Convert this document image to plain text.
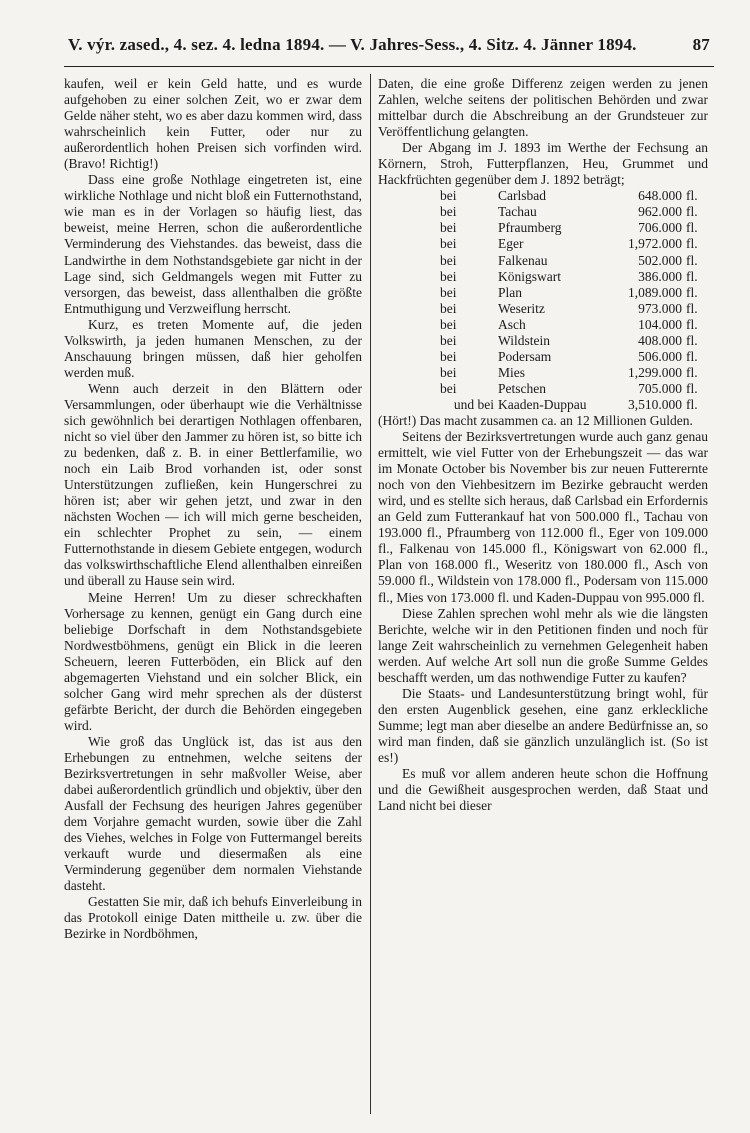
V. výr. zased., 4. sez. 4. ledna 1894. — V. Jahres-Sess., 4. Sitz. 4. Jänner 1894.	87

kaufen, weil er kein Geld hatte, und es wurde aufgehoben zu einer solchen Zeit, wo er zwar dem Gelde näher steht, wo es aber dazu kommen wird, dass wahrscheinlich kein Futter, oder nur zu außerordentlich hohen Preisen sich vorfinden wird. (Bravo! Richtig!)

Dass eine große Nothlage eingetreten ist, eine wirkliche Nothlage und nicht bloß ein Futternothstand, wie man es in der Vorlagen so häufig liest, das beweist, meine Herren, schon die außerordentliche Verminderung des Viehstandes. das beweist, dass die Landwirthe in dem Nothstandsgebiete gar nicht in der Lage sind, sich Geldmangels wegen mit Futter zu versorgen, das beweist, dass allenthalben die größte Entmuthigung und Verzweiflung herrscht.

Kurz, es treten Momente auf, die jeden Volkswirth, ja jeden humanen Menschen, zu der Anschauung bringen müssen, daß hier geholfen werden muß.

Wenn auch derzeit in den Blättern oder Versammlungen, oder überhaupt wie die Verhältnisse sich gewöhnlich bei derartigen Nothlagen offenbaren, nicht so viel über den Jammer zu hören ist, so bitte ich zu bedenken, daß z. B. in einer Bettlerfamilie, wo noch ein Laib Brod vorhanden ist, oder sonst Unterstützungen zufließen, kein Hungerschrei zu hören ist; aber wir gehen jetzt, und zwar in den nächsten Wochen — ich will mich gerne bescheiden, ein schlechter Prophet zu sein, — einem Futternothstande in diesem Gebiete entgegen, wodurch das volkswirthschaftliche Elend allenthalben einreißen und überall zu Hause sein wird.

Meine Herren! Um zu dieser schreckhaften Vorhersage zu kennen, genügt ein Gang durch eine beliebige Dorfschaft in dem Nothstandsgebiete Nordwestböhmens, genügt ein Blick in die leeren Scheuern, leeren Futterböden, ein Blick auf den abgemagerten Viehstand und ein solcher Blick, ein solcher Gang wird mehr sprechen als der düsterst gefärbte Bericht, der durch die Behörden eingegeben wird.

Wie groß das Unglück ist, das ist aus den Erhebungen zu entnehmen, welche seitens der Bezirksvertretungen in sehr maßvoller Weise, aber dabei außerordentlich gründlich und objektiv, über den Ausfall der Fechsung des heurigen Jahres gegenüber dem Vorjahre gemacht wurden, sowie über die Zahl des Viehes, welches in Folge von Futtermangel bereits verkauft wurde und diesermaßen als eine Verminderung gegenüber dem normalen Viehstande dasteht.

Gestatten Sie mir, daß ich behufs Einverleibung in das Protokoll einige Daten mittheile u. zw. über die Bezirke in Nordböhmen,

Daten, die eine große Differenz zeigen werden zu jenen Zahlen, welche seitens der politischen Behörden und zwar mittelbar durch die Abschreibung an der Grundsteuer zur Veröffentlichung gelangten.

Der Abgang im J. 1893 im Werthe der Fechsung an Körnern, Stroh, Futterpflanzen, Heu, Grummet und Hackfrüchten gegenüber dem J. 1892 beträgt;

bei	Carlsbad	648.000 fl.
bei	Tachau	962.000 fl.
bei	Pfraumberg	706.000 fl.
bei	Eger	1,972.000 fl.
bei	Falkenau	502.000 fl.
bei	Königswart	386.000 fl.
bei	Plan	1,089.000 fl.
bei	Weseritz	973.000 fl.
bei	Asch	104.000 fl.
bei	Wildstein	408.000 fl.
bei	Podersam	506.000 fl.
bei	Mies	1,299.000 fl.
bei	Petschen	705.000 fl.
und bei Kaaden-Duppau	3,510.000 fl.

(Hört!) Das macht zusammen ca. an 12 Millionen Gulden.

Seitens der Bezirksvertretungen wurde auch ganz genau ermittelt, wie viel Futter von der Erhebungszeit — das war im Monate October bis November bis zur neuen Futterernte noch von den Viehbesitzern im Bezirke gebraucht werden wird, und es stellte sich heraus, daß Carlsbad ein Erfordernis an Geld zum Futterankauf hat von 500.000 fl., Tachau von 193.000 fl., Pfraumberg von 112.000 fl., Eger von 109.000 fl., Falkenau von 145.000 fl., Königswart von 62.000 fl., Plan von 168.000 fl., Weseritz von 180.000 fl., Asch von 59.000 fl., Wildstein von 178.000 fl., Podersam von 115.000 fl., Mies von 173.000 fl. und Kaden-Duppau von 995.000 fl.

Diese Zahlen sprechen wohl mehr als wie die längsten Berichte, welche wir in den Petitionen finden und noch für lange Zeit wahrscheinlich zu vernehmen Gelegenheit haben werden. Auf welche Art soll nun die große Summe Geldes beschafft werden, um das nothwendige Futter zu kaufen?

Die Staats- und Landesunterstützung bringt wohl, für den ersten Augenblick gesehen, eine ganz erkleckliche Summe; legt man aber dieselbe an andere Bedürfnisse an, so wird man finden, daß sie gänzlich unzulänglich ist. (So ist es!)

Es muß vor allem anderen heute schon die Hoffnung und die Gewißheit ausgesprochen werden, daß Staat und Land nicht bei dieser
